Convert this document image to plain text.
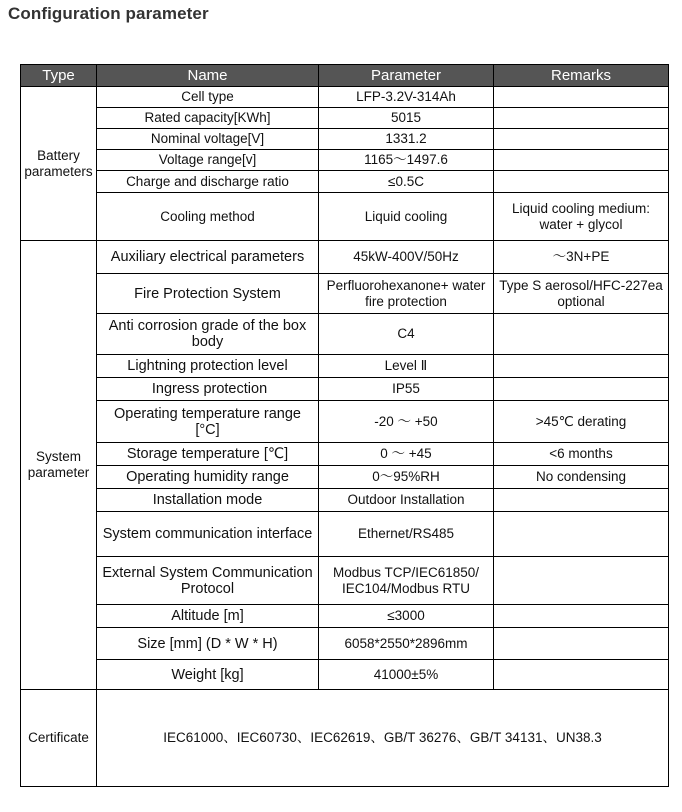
Configuration parameter
Type	Name	Parameter	Remarks
Battery parameters	Cell type	LFP-3.2V-314Ah	
	Rated capacity[KWh]	5015	
	Nominal voltage[V]	1331.2	
	Voltage range[v]	1165～1497.6	
	Charge and discharge ratio	≤0.5C	
	Cooling method	Liquid cooling	Liquid cooling medium: water + glycol
System parameter	Auxiliary electrical parameters	45kW-400V/50Hz	～3N+PE
	Fire Protection System	Perfluorohexanone+ water fire protection	Type S aerosol/HFC-227ea optional
	Anti corrosion grade of the box body	C4	
	Lightning protection level	Level Ⅱ	
	Ingress protection	IP55	
	Operating temperature range [°C]	-20 ～ +50	>45℃ derating
	Storage temperature [℃]	0 ～ +45	<6 months
	Operating humidity range	0～95%RH	No condensing
	Installation mode	Outdoor Installation	
	System communication interface	Ethernet/RS485	
	External System Communication Protocol	Modbus TCP/IEC61850/ IEC104/Modbus RTU	
	Altitude [m]	≤3000	
	Size [mm] (D * W * H)	6058*2550*2896mm	
	Weight [kg]	41000±5%	
Certificate	IEC61000、IEC60730、IEC62619、GB/T 36276、GB/T 34131、UN38.3		
